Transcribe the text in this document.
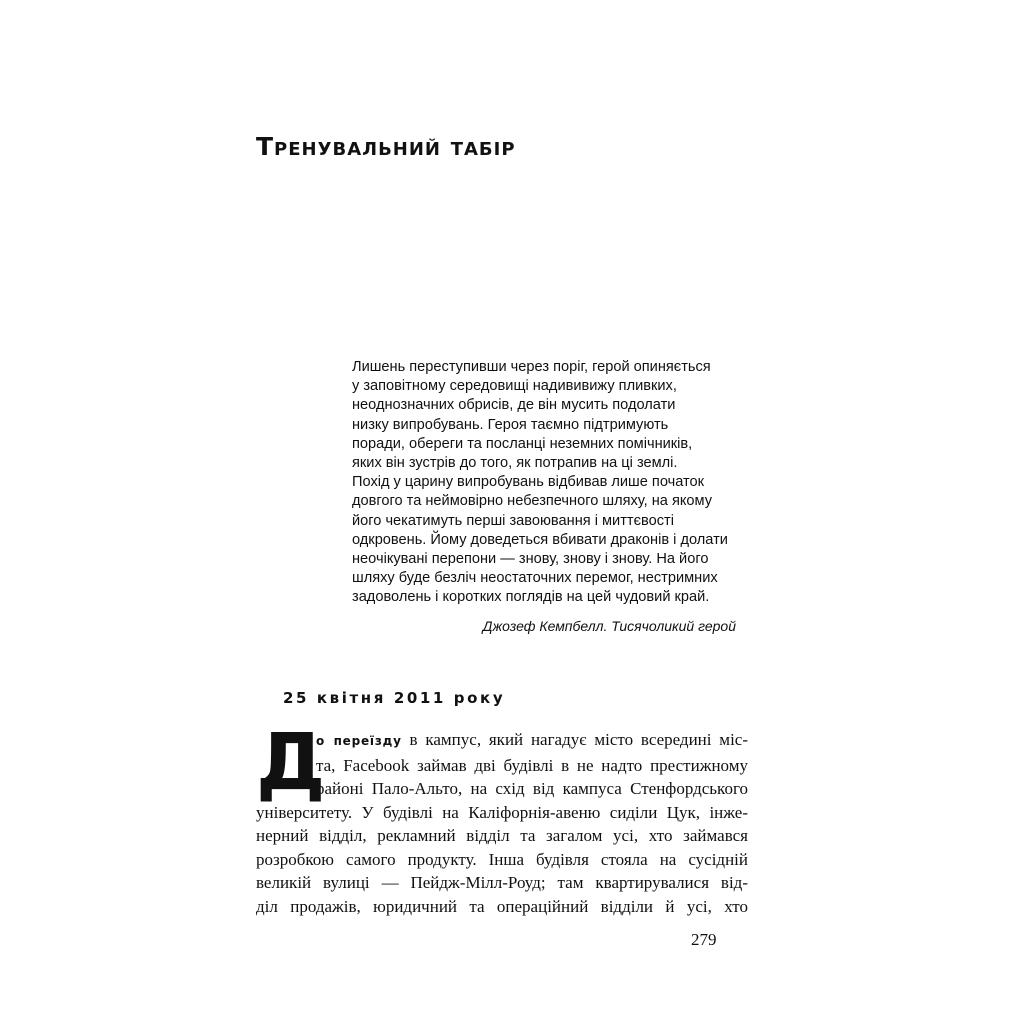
Тренувальний табір
Лишень переступивши через поріг, герой опиняється
у заповітному середовищі надививижу пливких,
неоднозначних обрисів, де він мусить подолати
низку випробувань. Героя таємно підтримують
поради, обереги та посланці неземних помічників,
яких він зустрів до того, як потрапив на ці землі.
Похід у царину випробувань відбивав лише початок
довгого та неймовірно небезпечного шляху, на якому
його чекатимуть перші завоювання і миттєвості
одкровень. Йому доведеться вбивати драконів і долати
неочікувані перепони — знову, знову і знову. На його
шляху буде безліч неостаточних перемог, нестримних
задоволень і коротких поглядів на цей чудовий край.
Джозеф Кемпбелл. Тисячоликий герой
25 квітня 2011 року
Д
о переїзду в кампус, який нагадує місто всередині міс-
та, Facebook займав дві будівлі в не надто престижному
районі Пало-Альто, на схід від кампуса Стенфордського
університету. У будівлі на Каліфорнія-авеню сиділи Цук, інже-
нерний відділ, рекламний відділ та загалом усі, хто займався
розробкою самого продукту. Інша будівля стояла на сусідній
великій вулиці — Пейдж-Мілл-Роуд; там квартирувалися від-
діл продажів, юридичний та операційний відділи й усі, хто
279
